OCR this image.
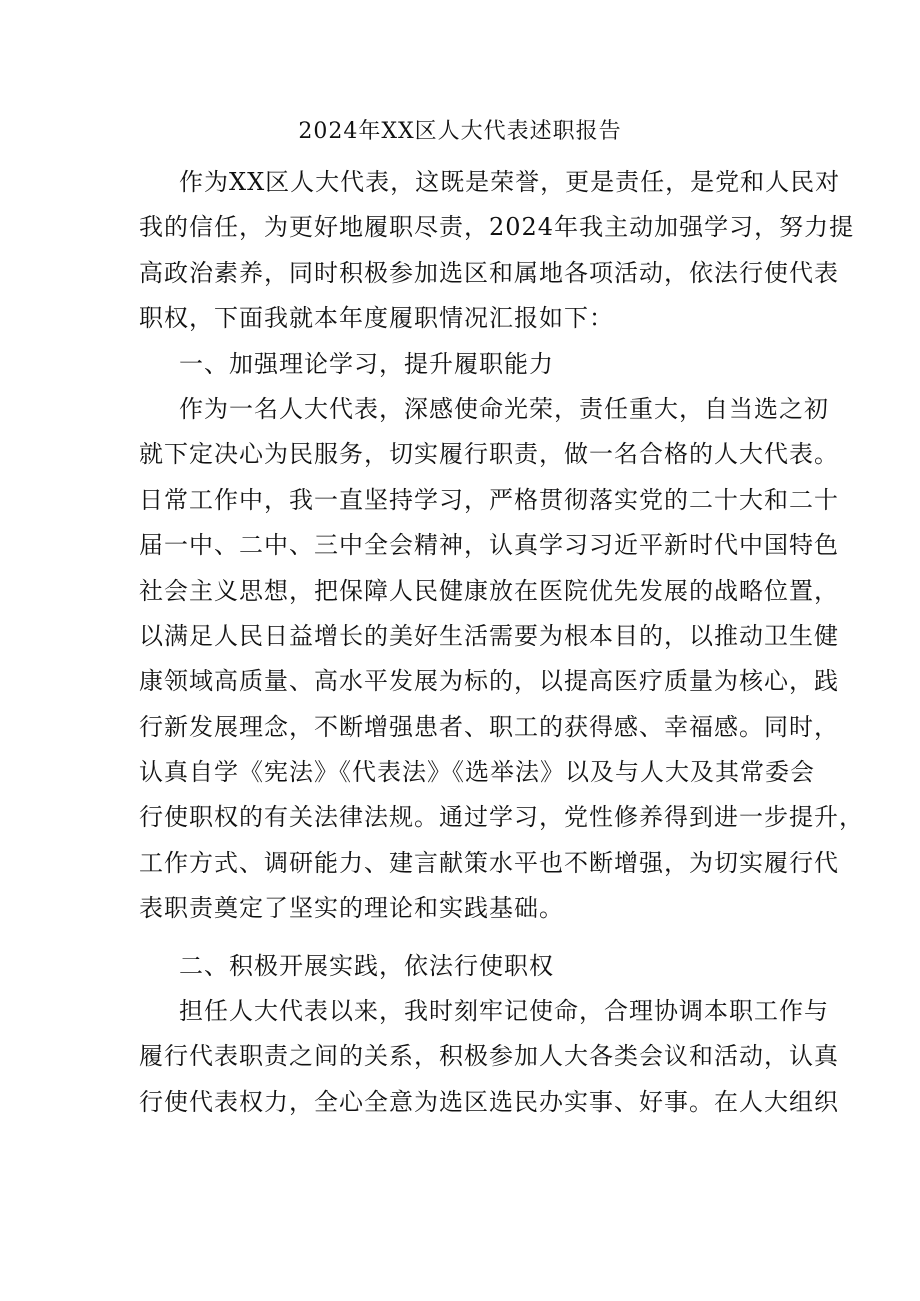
2024年XX区人大代表述职报告
作为XX区人大代表，这既是荣誉，更是责任，是党和人民对
我的信任，为更好地履职尽责，2024年我主动加强学习，努力提
高政治素养，同时积极参加选区和属地各项活动，依法行使代表
职权，下面我就本年度履职情况汇报如下：
一、加强理论学习，提升履职能力
作为一名人大代表，深感使命光荣，责任重大，自当选之初
就下定决心为民服务，切实履行职责，做一名合格的人大代表。
日常工作中，我一直坚持学习，严格贯彻落实党的二十大和二十
届一中、二中、三中全会精神，认真学习习近平新时代中国特色
社会主义思想，把保障人民健康放在医院优先发展的战略位置，
以满足人民日益增长的美好生活需要为根本目的，以推动卫生健
康领域高质量、高水平发展为标的，以提高医疗质量为核心，践
行新发展理念，不断增强患者、职工的获得感、幸福感。同时，
认真自学《宪法》《代表法》《选举法》以及与人大及其常委会
行使职权的有关法律法规。通过学习，党性修养得到进一步提升，
工作方式、调研能力、建言献策水平也不断增强，为切实履行代
表职责奠定了坚实的理论和实践基础。
二、积极开展实践，依法行使职权
担任人大代表以来，我时刻牢记使命，合理协调本职工作与
履行代表职责之间的关系，积极参加人大各类会议和活动，认真
行使代表权力，全心全意为选区选民办实事、好事。在人大组织
